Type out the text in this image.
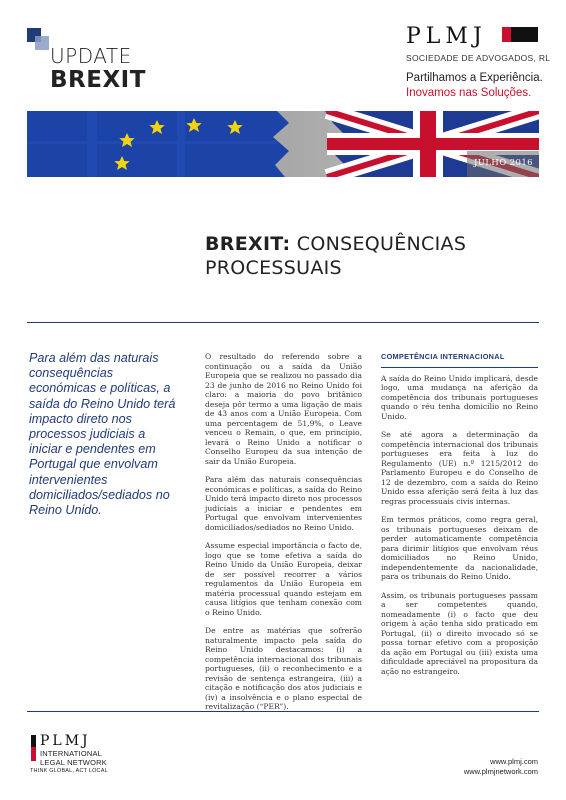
UPDATE
BREXIT
PLMJ
SOCIEDADE DE ADVOGADOS, RL
Partilhamos a Experiência.
Inovamos nas Soluções.
JULHO 2016
BREXIT: CONSEQUÊNCIAS PROCESSUAIS
Para além das naturais consequências económicas e políticas, a saída do Reino Unido terá impacto direto nos processos judiciais a iniciar e pendentes em Portugal que envolvam intervenientes domiciliados/sediados no Reino Unido.

O resultado do referendo sobre a continuação ou a saída da União Europeia que se realizou no passado dia 23 de junho de 2016 no Reino Unido foi claro: a maioria do povo britânico deseja pôr termo a uma ligação de mais de 43 anos com a União Europeia. Com uma percentagem de 51,9%, o Leave venceu o Remain, o que, em princípio, levará o Reino Unido a notificar o Conselho Europeu da sua intenção de sair da União Europeia.

Para além das naturais consequências económicas e políticas, a saída do Reino Unido terá impacto direto nos processos judiciais a iniciar e pendentes em Portugal que envolvam intervenientes domiciliados/sediados no Reino Unido.

Assume especial importância o facto de, logo que se tome efetiva a saída do Reino Unido da União Europeia, deixar de ser possível recorrer a vários regulamentos da União Europeia em matéria processual quando estejam em causa litígios que tenham conexão com o Reino Unido.

De entre as matérias que sofrerão naturalmente impacto pela saída do Reino Unido destacamos: (i) a competência internacional dos tribunais portugueses, (ii) o reconhecimento e a revisão de sentença estrangeira, (iii) a citação e notificação dos atos judiciais e (iv) a insolvência e o plano especial de revitalização (“PER”).

COMPETÊNCIA INTERNACIONAL

A saída do Reino Unido implicará, desde logo, uma mudança na aferição da competência dos tribunais portugueses quando o réu tenha domicílio no Reino Unido.

Se até agora a determinação da competência internacional dos tribunais portugueses era feita à luz do Regulamento (UE) n.º 1215/2012 do Parlamento Europeu e do Conselho de 12 de dezembro, com a saída do Reino Unido essa aferição será feita à luz das regras processuais civis internas.

Em termos práticos, como regra geral, os tribunais portugueses deixam de perder automaticamente competência para dirimir litígios que envolvam réus domiciliados no Reino Unido, independentemente da nacionalidade, para os tribunais do Reino Unido.

Assim, os tribunais portugueses passam a ser competentes quando, nomeadamente (i) o facto que deu origem à ação tenha sido praticado em Portugal, (ii) o direito invocado só se possa tornar efetivo com a proposição da ação em Portugal ou (iii) exista uma dificuldade apreciável na propositura da ação no estrangeiro.

PLMJ
INTERNATIONAL
LEGAL NETWORK
THINK GLOBAL, ACT LOCAL
www.plmj.com
www.plmjnetwork.com
